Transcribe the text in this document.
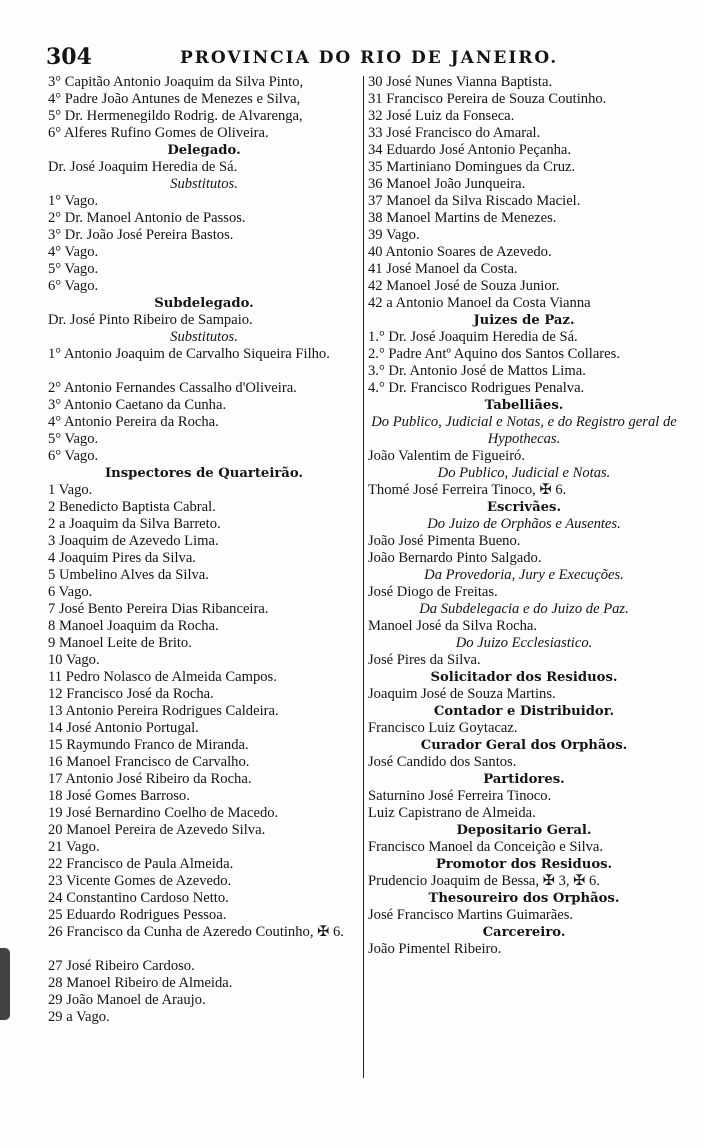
304	PROVINCIA DO RIO DE JANEIRO.
3° Capitão Antonio Joaquim da Silva Pinto,
4° Padre João Antunes de Menezes e Silva,
5° Dr. Hermenegildo Rodrig. de Alvarenga,
6° Alferes Rufino Gomes de Oliveira.
Delegado.
Dr. José Joaquim Heredia de Sá.
Substitutos.
1° Vago.
2° Dr. Manoel Antonio de Passos.
3° Dr. João José Pereira Bastos.
4° Vago.
5° Vago.
6° Vago.
Subdelegado.
Dr. José Pinto Ribeiro de Sampaio.
Substitutos.
1° Antonio Joaquim de Carvalho Siqueira Filho.
2° Antonio Fernandes Cassalho d'Oliveira.
3° Antonio Caetano da Cunha.
4° Antonio Pereira da Rocha.
5° Vago.
6° Vago.
Inspectores de Quarteirão.
1 Vago.
2 Benedicto Baptista Cabral.
2 a Joaquim da Silva Barreto.
3 Joaquim de Azevedo Lima.
4 Joaquim Pires da Silva.
5 Umbelino Alves da Silva.
6 Vago.
7 José Bento Pereira Dias Ribanceira.
8 Manoel Joaquim da Rocha.
9 Manoel Leite de Brito.
10 Vago.
11 Pedro Nolasco de Almeida Campos.
12 Francisco José da Rocha.
13 Antonio Pereira Rodrigues Caldeira.
14 José Antonio Portugal.
15 Raymundo Franco de Miranda.
16 Manoel Francisco de Carvalho.
17 Antonio José Ribeiro da Rocha.
18 José Gomes Barroso.
19 José Bernardino Coelho de Macedo.
20 Manoel Pereira de Azevedo Silva.
21 Vago.
22 Francisco de Paula Almeida.
23 Vicente Gomes de Azevedo.
24 Constantino Cardoso Netto.
25 Eduardo Rodrigues Pessoa.
26 Francisco da Cunha de Azeredo Coutinho, ✠ 6.
27 José Ribeiro Cardoso.
28 Manoel Ribeiro de Almeida.
29 João Manoel de Araujo.
29 a Vago.
30 José Nunes Vianna Baptista.
31 Francisco Pereira de Souza Coutinho.
32 José Luiz da Fonseca.
33 José Francisco do Amaral.
34 Eduardo José Antonio Peçanha.
35 Martiniano Domingues da Cruz.
36 Manoel João Junqueira.
37 Manoel da Silva Riscado Maciel.
38 Manoel Martins de Menezes.
39 Vago.
40 Antonio Soares de Azevedo.
41 José Manoel da Costa.
42 Manoel José de Souza Junior.
42 a Antonio Manoel da Costa Vianna
Juizes de Paz.
1.° Dr. José Joaquim Heredia de Sá.
2.° Padre Antº Aquino dos Santos Collares.
3.° Dr. Antonio José de Mattos Lima.
4.° Dr. Francisco Rodrigues Penalva.
Tabelliães.
Do Publico, Judicial e Notas, e do Registro geral de Hypothecas.
João Valentim de Figueiró.
Do Publico, Judicial e Notas.
Thomé José Ferreira Tinoco, ✠ 6.
Escrivães.
Do Juizo de Orphãos e Ausentes.
João José Pimenta Bueno.
João Bernardo Pinto Salgado.
Da Provedoria, Jury e Execuções.
José Diogo de Freitas.
Da Subdelegacia e do Juizo de Paz.
Manoel José da Silva Rocha.
Do Juizo Ecclesiastico.
José Pires da Silva.
Solicitador dos Residuos.
Joaquim José de Souza Martins.
Contador e Distribuidor.
Francisco Luiz Goytacaz.
Curador Geral dos Orphãos.
José Candido dos Santos.
Partidores.
Saturnino José Ferreira Tinoco.
Luiz Capistrano de Almeida.
Depositario Geral.
Francisco Manoel da Conceição e Silva.
Promotor dos Residuos.
Prudencio Joaquim de Bessa, ✠ 3, ✠ 6.
Thesoureiro dos Orphãos.
José Francisco Martins Guimarães.
Carcereiro.
João Pimentel Ribeiro.
